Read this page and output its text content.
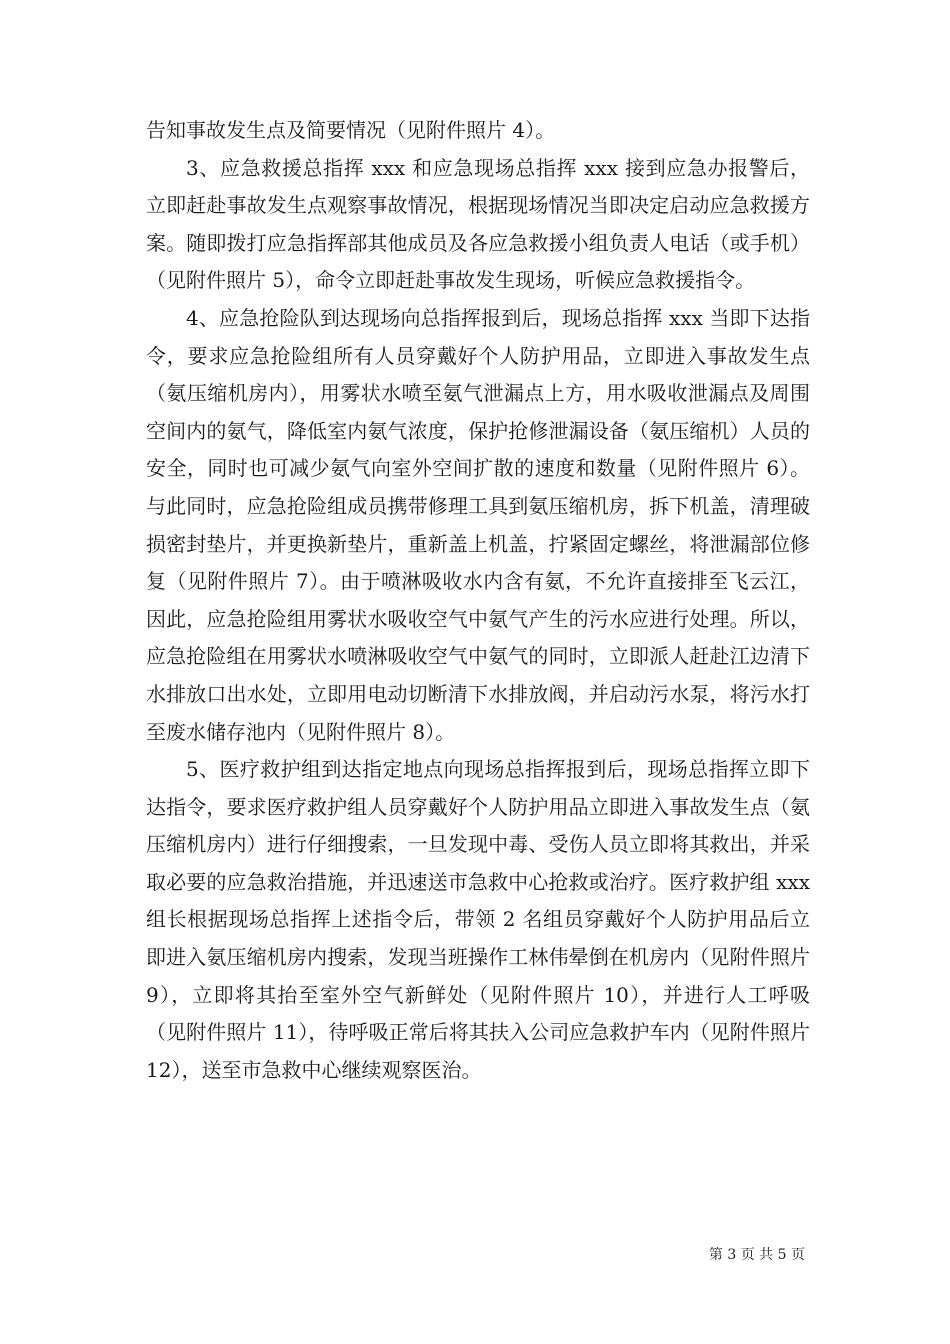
告知事故发生点及简要情况（见附件照片 4）。

3、应急救援总指挥 xxx 和应急现场总指挥 xxx 接到应急办报警后，立即赶赴事故发生点观察事故情况，根据现场情况当即决定启动应急救援方案。随即拨打应急指挥部其他成员及各应急救援小组负责人电话（或手机）（见附件照片 5），命令立即赶赴事故发生现场，听候应急救援指令。

4、应急抢险队到达现场向总指挥报到后，现场总指挥 xxx 当即下达指令，要求应急抢险组所有人员穿戴好个人防护用品，立即进入事故发生点（氨压缩机房内），用雾状水喷至氨气泄漏点上方，用水吸收泄漏点及周围空间内的氨气，降低室内氨气浓度，保护抢修泄漏设备（氨压缩机）人员的安全，同时也可减少氨气向室外空间扩散的速度和数量（见附件照片 6）。与此同时，应急抢险组成员携带修理工具到氨压缩机房，拆下机盖，清理破损密封垫片，并更换新垫片，重新盖上机盖，拧紧固定螺丝，将泄漏部位修复（见附件照片 7）。由于喷淋吸收水内含有氨，不允许直接排至飞云江，因此，应急抢险组用雾状水吸收空气中氨气产生的污水应进行处理。所以，应急抢险组在用雾状水喷淋吸收空气中氨气的同时，立即派人赶赴江边清下水排放口出水处，立即用电动切断清下水排放阀，并启动污水泵，将污水打至废水储存池内（见附件照片 8）。

5、医疗救护组到达指定地点向现场总指挥报到后，现场总指挥立即下达指令，要求医疗救护组人员穿戴好个人防护用品立即进入事故发生点（氨压缩机房内）进行仔细搜索，一旦发现中毒、受伤人员立即将其救出，并采取必要的应急救治措施，并迅速送市急救中心抢救或治疗。医疗救护组 xxx 组长根据现场总指挥上述指令后，带领 2 名组员穿戴好个人防护用品后立即进入氨压缩机房内搜索，发现当班操作工林伟晕倒在机房内（见附件照片 9），立即将其抬至室外空气新鲜处（见附件照片 10），并进行人工呼吸（见附件照片 11），待呼吸正常后将其扶入公司应急救护车内（见附件照片 12），送至市急救中心继续观察医治。

第 3 页 共 5 页
